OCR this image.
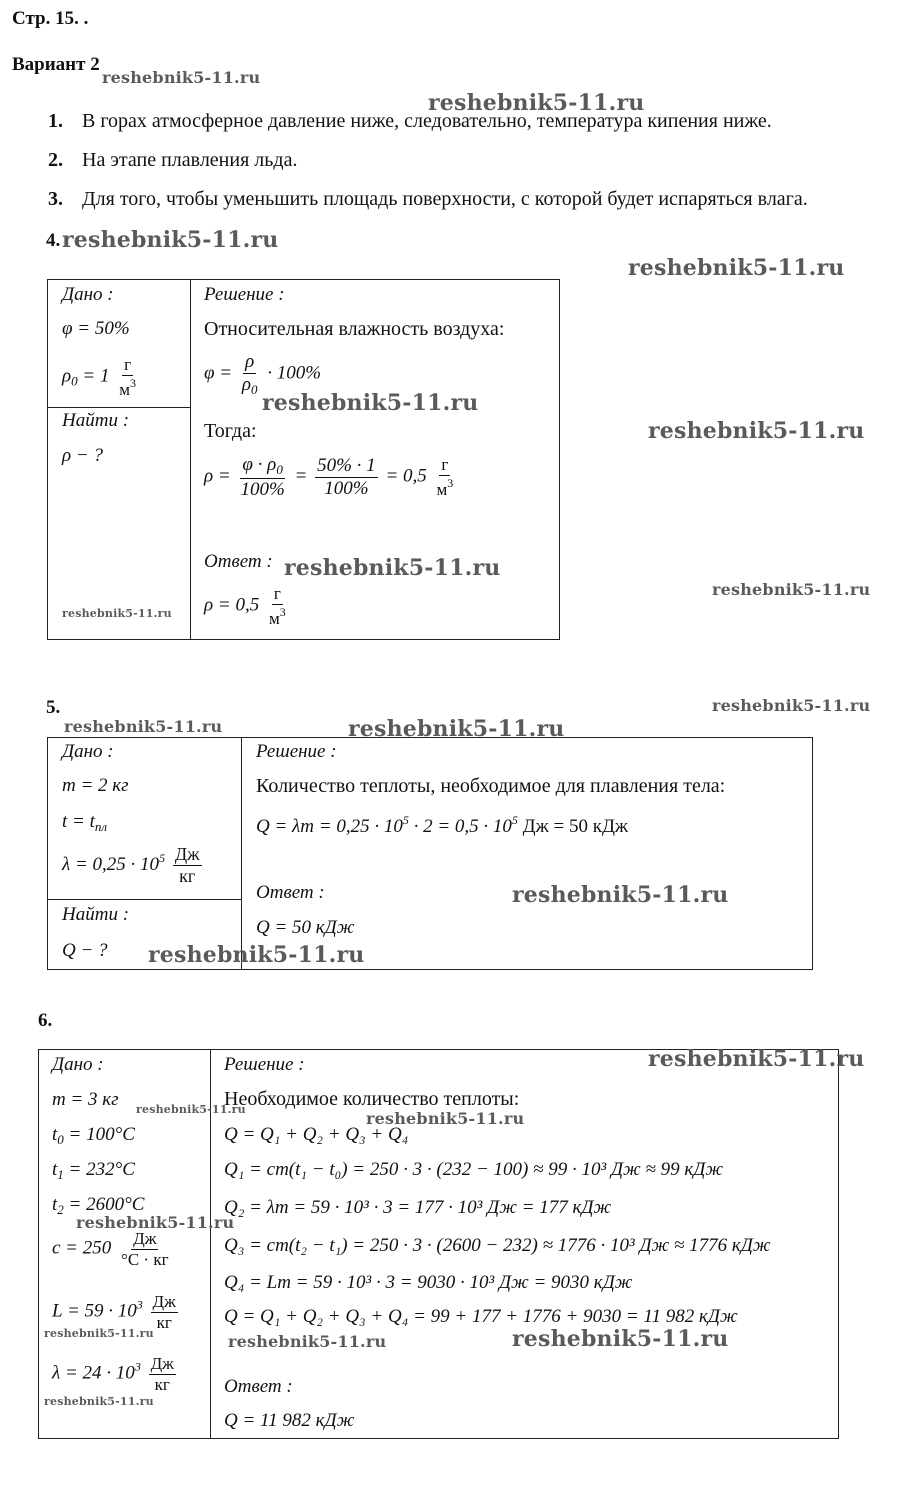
Стр. 15. .
Вариант 2
1. В горах атмосферное давление ниже, следовательно, температура кипения ниже.
2. На этапе плавления льда.
3. Для того, чтобы уменьшить площадь поверхности, с которой будет испаряться влага.
4.
Дано :
φ = 50%
$\rho_0 = 1 \frac{г}{м^3}$
Найти :
ρ − ?
Решение :
Относительная влажность воздуха:
$\varphi = \frac{\rho}{\rho_0} \cdot 100\%$
Тогда:
$\rho = \frac{\varphi \cdot \rho_0}{100\%} = \frac{50\% \cdot 1}{100\%} = 0,5 \frac{г}{м^3}$
Ответ :
$\rho = 0,5 \frac{г}{м^3}$
5.
Дано :
m = 2 кг
$t = t_{пл}$
$\lambda = 0,25 \cdot 10^5 \frac{Дж}{кг}$
Найти :
Q − ?
Решение :
Количество теплоты, необходимое для плавления тела:
$Q = \lambda m = 0,25 \cdot 10^5 \cdot 2 = 0,5 \cdot 10^5$ Дж = 50 кДж
Ответ :
Q = 50 кДж
6.
Дано :
m = 3 кг
$t_0 = 100^\circ C$
$t_1 = 232^\circ C$
$t_2 = 2600^\circ C$
$c = 250 \frac{Дж}{^\circ C \cdot кг}$
$L = 59 \cdot 10^3 \frac{Дж}{кг}$
$\lambda = 24 \cdot 10^3 \frac{Дж}{кг}$
Решение :
Необходимое количество теплоты:
Q = Q₁ + Q₂ + Q₃ + Q₄
Q₁ = cm(t₁ − t₀) = 250 · 3 · (232 − 100) ≈ 99 · 10³ Дж ≈ 99 кДж
Q₂ = λm = 59 · 10³ · 3 = 177 · 10³ Дж = 177 кДж
Q₃ = cm(t₂ − t₁) = 250 · 3 · (2600 − 232) ≈ 1776 · 10³ Дж ≈ 1776 кДж
Q₄ = Lm = 59 · 10³ · 3 = 9030 · 10³ Дж = 9030 кДж
Q = Q₁ + Q₂ + Q₃ + Q₄ = 99 + 177 + 1776 + 9030 = 11 982 кДж
Ответ :
Q = 11 982 кДж
reshebnik5-11.ru
reshebnik5-11.ru
reshebnik5-11.ru
reshebnik5-11.ru
reshebnik5-11.ru
reshebnik5-11.ru
reshebnik5-11.ru
reshebnik5-11.ru
reshebnik5-11.ru
reshebnik5-11.ru
reshebnik5-11.ru	reshebnik5-11.ru
reshebnik5-11.ru
reshebnik5-11.ru
reshebnik5-11.ru
reshebnik5-11.ru	reshebnik5-11.ru
reshebnik5-11.ru
reshebnik5-11.ru	reshebnik5-11.ru
reshebnik5-11.ru
reshebnik5-11.ru
